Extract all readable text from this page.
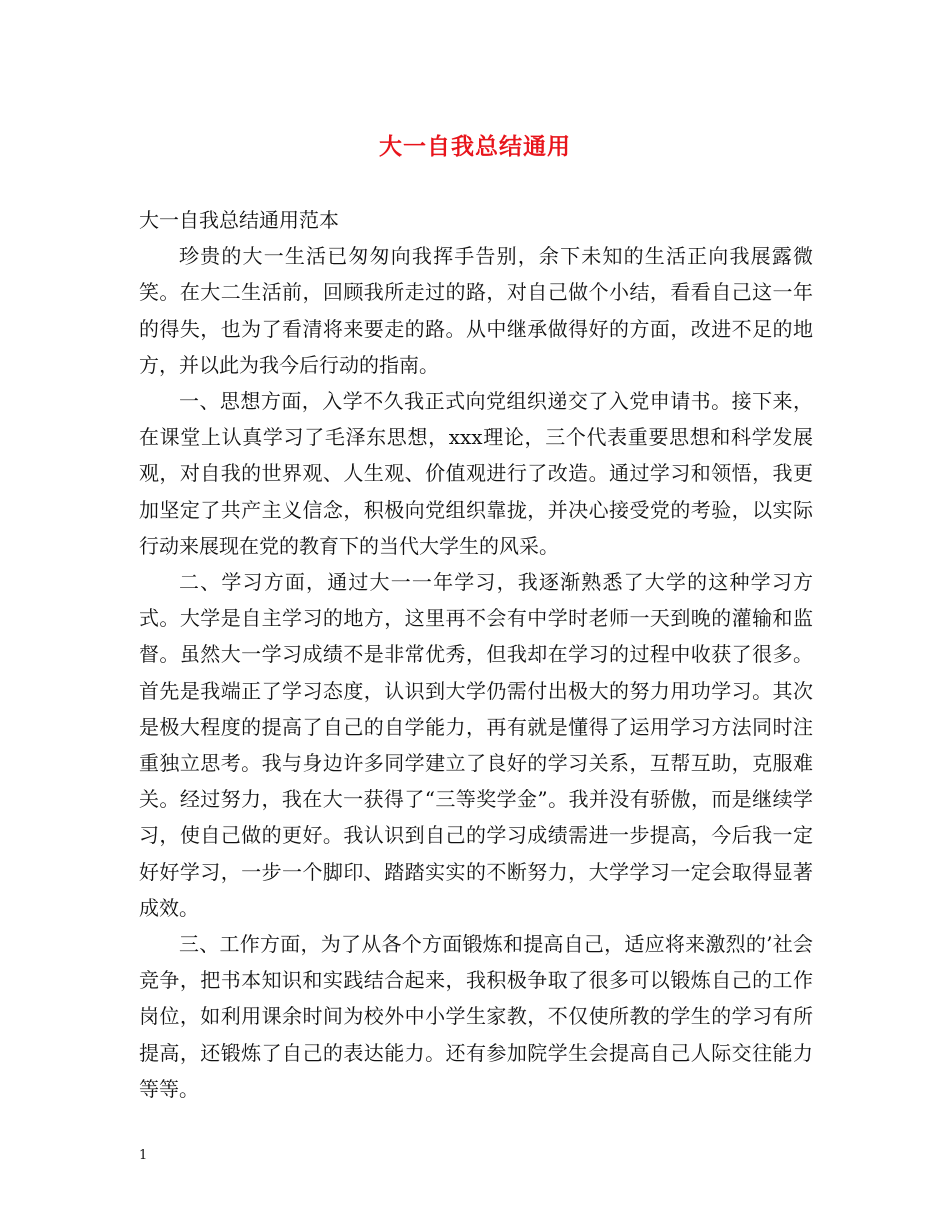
大一自我总结通用

大一自我总结通用范本

珍贵的大一生活已匆匆向我挥手告别，余下未知的生活正向我展露微笑。在大二生活前，回顾我所走过的路，对自己做个小结，看看自己这一年的得失，也为了看清将来要走的路。从中继承做得好的方面，改进不足的地方，并以此为我今后行动的指南。

一、思想方面，入学不久我正式向党组织递交了入党申请书。接下来，在课堂上认真学习了毛泽东思想，xxx理论，三个代表重要思想和科学发展观，对自我的世界观、人生观、价值观进行了改造。通过学习和领悟，我更加坚定了共产主义信念，积极向党组织靠拢，并决心接受党的考验，以实际行动来展现在党的教育下的当代大学生的风采。

二、学习方面，通过大一一年学习，我逐渐熟悉了大学的这种学习方式。大学是自主学习的地方，这里再不会有中学时老师一天到晚的灌输和监督。虽然大一学习成绩不是非常优秀，但我却在学习的过程中收获了很多。首先是我端正了学习态度，认识到大学仍需付出极大的努力用功学习。其次是极大程度的提高了自己的自学能力，再有就是懂得了运用学习方法同时注重独立思考。我与身边许多同学建立了良好的学习关系，互帮互助，克服难关。经过努力，我在大一获得了“三等奖学金”。我并没有骄傲，而是继续学习，使自己做的更好。我认识到自己的学习成绩需进一步提高，今后我一定好好学习，一步一个脚印、踏踏实实的不断努力，大学学习一定会取得显著成效。

三、工作方面，为了从各个方面锻炼和提高自己，适应将来激烈的’社会竞争，把书本知识和实践结合起来，我积极争取了很多可以锻炼自己的工作岗位，如利用课余时间为校外中小学生家教，不仅使所教的学生的学习有所提高，还锻炼了自己的表达能力。还有参加院学生会提高自己人际交往能力等等。

1
